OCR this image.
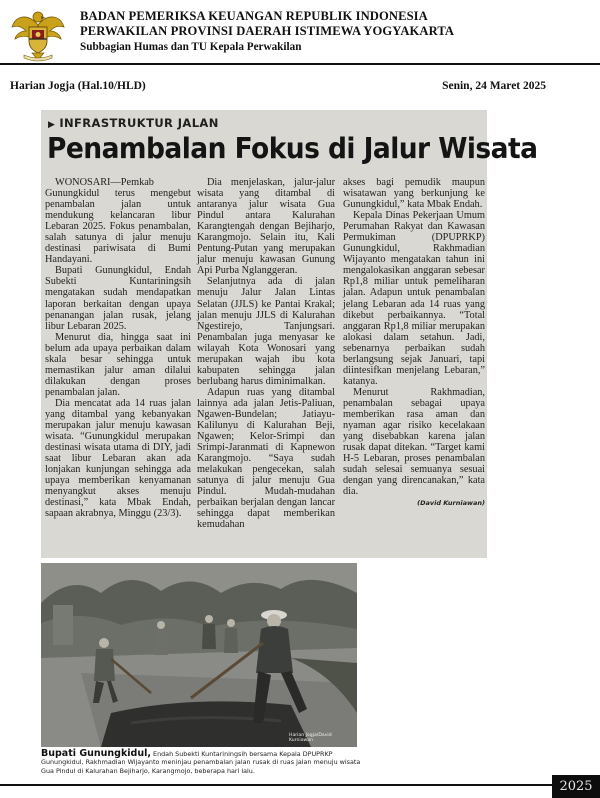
BADAN PEMERIKSA KEUANGAN REPUBLIK INDONESIA
PERWAKILAN PROVINSI DAERAH ISTIMEWA YOGYAKARTA
Subbagian Humas dan TU Kepala Perwakilan
Harian Jogja (Hal.10/HLD)	Senin, 24 Maret 2025
▶ INFRASTRUKTUR JALAN
Penambalan Fokus di Jalur Wisata

WONOSARI—Pemkab Gunungkidul terus mengebut penambalan jalan untuk mendukung kelancaran libur Lebaran 2025. Fokus penambalan, salah satunya di jalur menuju destinasi pariwisata di Bumi Handayani.

Bupati Gunungkidul, Endah Subekti Kuntariningsih mengatakan sudah mendapatkan laporan berkaitan dengan upaya penanangan jalan rusak, jelang libur Lebaran 2025.

Menurut dia, hingga saat ini belum ada upaya perbaikan dalam skala besar sehingga untuk memastikan jalur aman dilalui dilakukan dengan proses penambalan jalan.

Dia mencatat ada 14 ruas jalan yang ditambal yang kebanyakan merupakan jalur menuju kawasan wisata. “Gunungkidul merupakan destinasi wisata utama di DIY, jadi saat libur Lebaran akan ada lonjakan kunjungan sehingga ada upaya memberikan kenyamanan menyangkut akses menuju destinasi,” kata Mbak Endah, sapaan akrabnya, Minggu (23/3).

Dia menjelaskan, jalur-jalur wisata yang ditambal di antaranya jalur wisata Gua Pindul antara Kalurahan Karangtengah dengan Bejiharjo, Karangmojo. Selain itu, Kali Pentung-Putan yang merupakan jalur menuju kawasan Gunung Api Purba Nglanggeran.

Selanjutnya ada di jalan menuju Jalur Jalan Lintas Selatan (JJLS) ke Pantai Krakal; jalan menuju JJLS di Kalurahan Ngestirejo, Tanjungsari. Penambalan juga menyasar ke wilayah Kota Wonosari yang merupakan wajah ibu kota kabupaten sehingga jalan berlubang harus diminimalkan.

Adapun ruas yang ditambal lainnya ada jalan Jetis-Paliuan, Ngawen-Bundelan; Jatiayu-Kalilunyu di Kalurahan Beji, Ngawen; Kelor-Srimpi dan Srimpi-Jaranmati di Kapnewon Karangmojo. “Saya sudah melakukan pengecekan, salah satunya di jalur menuju Gua Pindul. Mudah-mudahan perbaikan berjalan dengan lancar sehingga dapat memberikan kemudahan

akses bagi pemudik maupun wisatawan yang berkunjung ke Gunungkidul,” kata Mbak Endah.

Kepala Dinas Pekerjaan Umum Perumahan Rakyat dan Kawasan Permukiman (DPUPRKP) Gunungkidul, Rakhmadian Wijayanto mengatakan tahun ini mengalokasikan anggaran sebesar Rp1,8 miliar untuk pemeliharan jalan. Adapun untuk penambalan jelang Lebaran ada 14 ruas yang dikebut perbaikannya. “Total anggaran Rp1,8 miliar merupakan alokasi dalam setahun. Jadi, sebenarnya perbaikan sudah berlangsung sejak Januari, tapi diintesifkan menjelang Lebaran,” katanya.

Menurut Rakhmadian, penambalan sebagai upaya memberikan rasa aman dan nyaman agar risiko kecelakaan yang disebabkan karena jalan rusak dapat ditekan. “Target kami H-5 Lebaran, proses penambalan sudah selesai semuanya sesuai dengan yang direncanakan,” kata dia.

(David Kurniawan)

Harian Jogja/David Kurniawan
Bupati Gunungkidul, Endah Subekti Kuntariningsih bersama Kepala DPUPRKP Gunungkidul, Rakhmadian Wijayanto meninjau penambalan jalan rusak di ruas jalan menuju wisata Gua Pindul di Kalurahan Bejiharjo, Karangmojo, beberapa hari lalu.
2025
